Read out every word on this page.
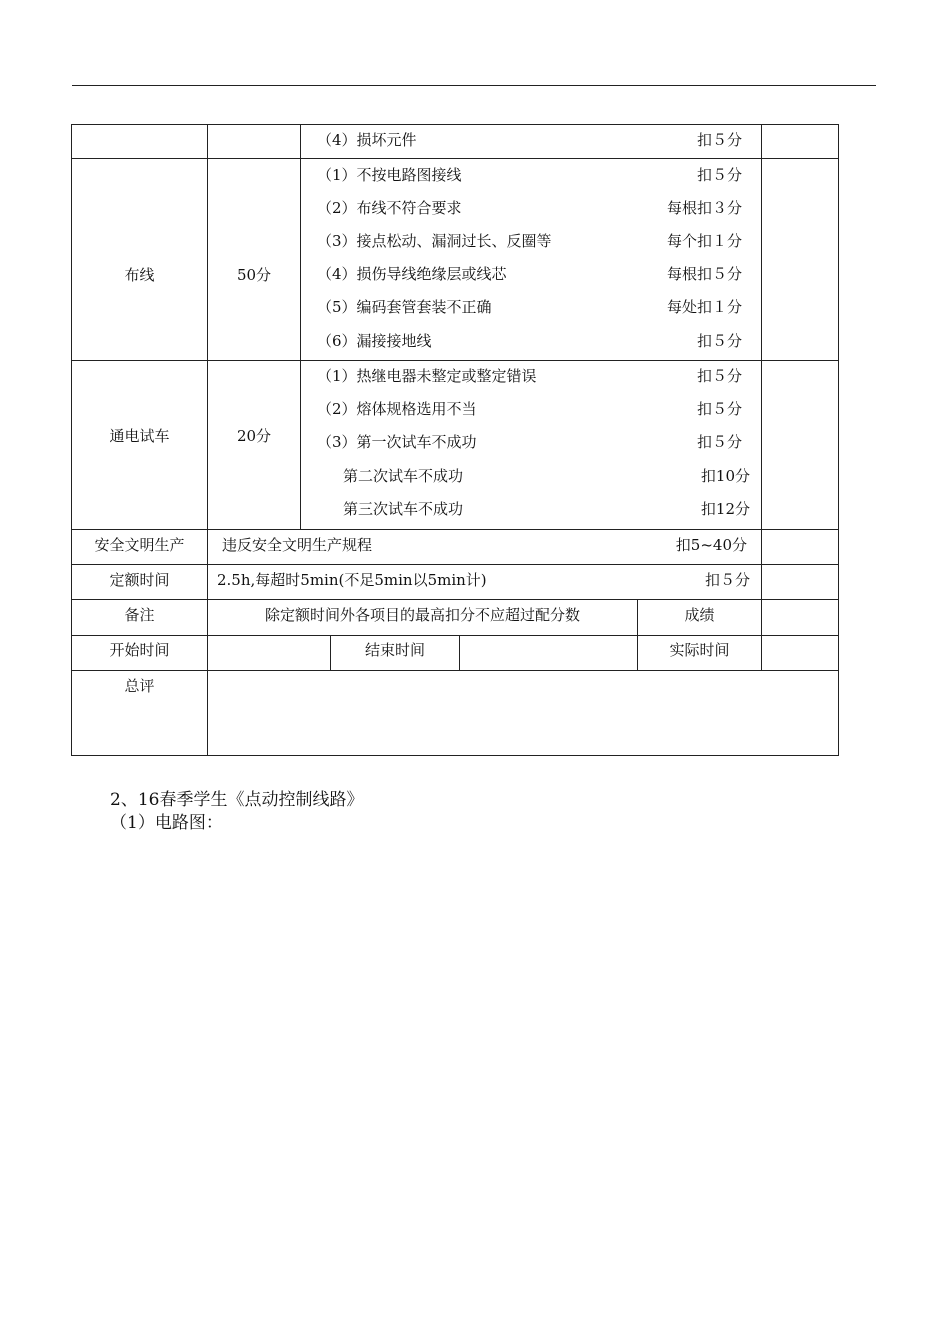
（4）损坏元件	扣５分
布线	50分
（1）不按电路图接线	扣５分
（2）布线不符合要求	每根扣３分
（3）接点松动、漏洞过长、反圈等	每个扣１分
（4）损伤导线绝缘层或线芯	每根扣５分
（5）编码套管套装不正确	每处扣１分
（6）漏接接地线	扣５分
通电试车	20分
（1）热继电器未整定或整定错误	扣５分
（2）熔体规格选用不当	扣５分
（3）第一次试车不成功	扣５分
第二次试车不成功	扣10分
第三次试车不成功	扣12分
安全文明生产	违反安全文明生产规程	扣5~40分
定额时间	2.5h,每超时5min(不足5min以5min计)	扣５分
备注	除定额时间外各项目的最高扣分不应超过配分数	成绩
开始时间	结束时间	实际时间
总评
2、16春季学生《点动控制线路》
（1）电路图：
